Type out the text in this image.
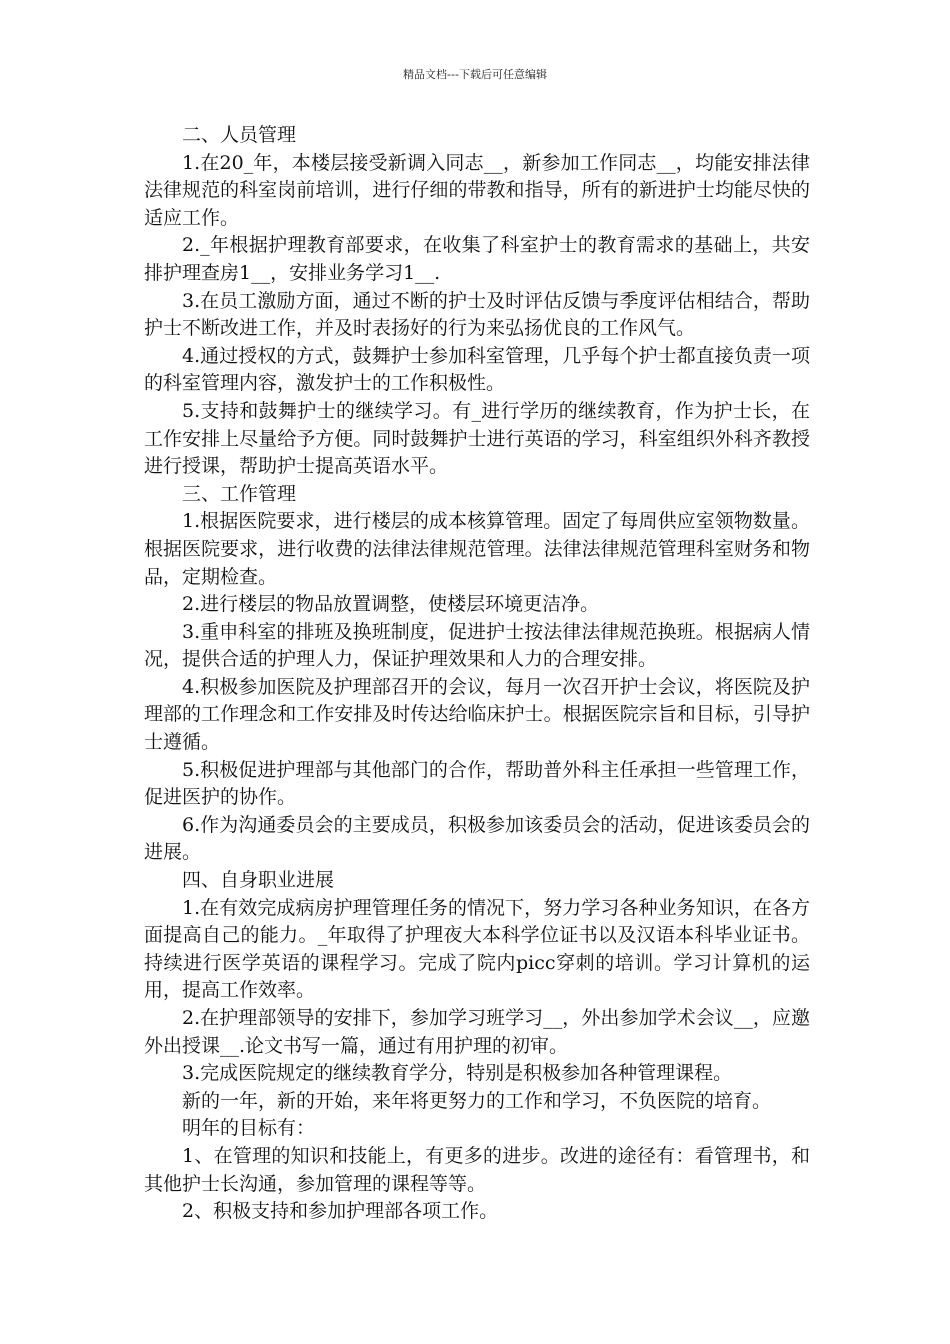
精品文档---下载后可任意编辑

二、人员管理

1.在20_年，本楼层接受新调入同志__，新参加工作同志__，均能安排法律法律规范的科室岗前培训，进行仔细的带教和指导，所有的新进护士均能尽快的适应工作。

2._年根据护理教育部要求，在收集了科室护士的教育需求的基础上，共安排护理查房1__，安排业务学习1__.

3.在员工激励方面，通过不断的护士及时评估反馈与季度评估相结合，帮助护士不断改进工作，并及时表扬好的行为来弘扬优良的工作风气。

4.通过授权的方式，鼓舞护士参加科室管理，几乎每个护士都直接负责一项的科室管理内容，激发护士的工作积极性。

5.支持和鼓舞护士的继续学习。有_进行学历的继续教育，作为护士长，在工作安排上尽量给予方便。同时鼓舞护士进行英语的学习，科室组织外科齐教授进行授课，帮助护士提高英语水平。

三、工作管理

1.根据医院要求，进行楼层的成本核算管理。固定了每周供应室领物数量。根据医院要求，进行收费的法律法律规范管理。法律法律规范管理科室财务和物品，定期检查。

2.进行楼层的物品放置调整，使楼层环境更洁净。

3.重申科室的排班及换班制度，促进护士按法律法律规范换班。根据病人情况，提供合适的护理人力，保证护理效果和人力的合理安排。

4.积极参加医院及护理部召开的会议，每月一次召开护士会议，将医院及护理部的工作理念和工作安排及时传达给临床护士。根据医院宗旨和目标，引导护士遵循。

5.积极促进护理部与其他部门的合作，帮助普外科主任承担一些管理工作，促进医护的协作。

6.作为沟通委员会的主要成员，积极参加该委员会的活动，促进该委员会的进展。

四、自身职业进展

1.在有效完成病房护理管理任务的情况下，努力学习各种业务知识，在各方面提高自己的能力。_年取得了护理夜大本科学位证书以及汉语本科毕业证书。持续进行医学英语的课程学习。完成了院内picc穿刺的培训。学习计算机的运用，提高工作效率。

2.在护理部领导的安排下，参加学习班学习__，外出参加学术会议__，应邀外出授课__.论文书写一篇，通过有用护理的初审。

3.完成医院规定的继续教育学分，特别是积极参加各种管理课程。

新的一年，新的开始，来年将更努力的工作和学习，不负医院的培育。

明年的目标有：

1、在管理的知识和技能上，有更多的进步。改进的途径有：看管理书，和其他护士长沟通，参加管理的课程等等。

2、积极支持和参加护理部各项工作。
